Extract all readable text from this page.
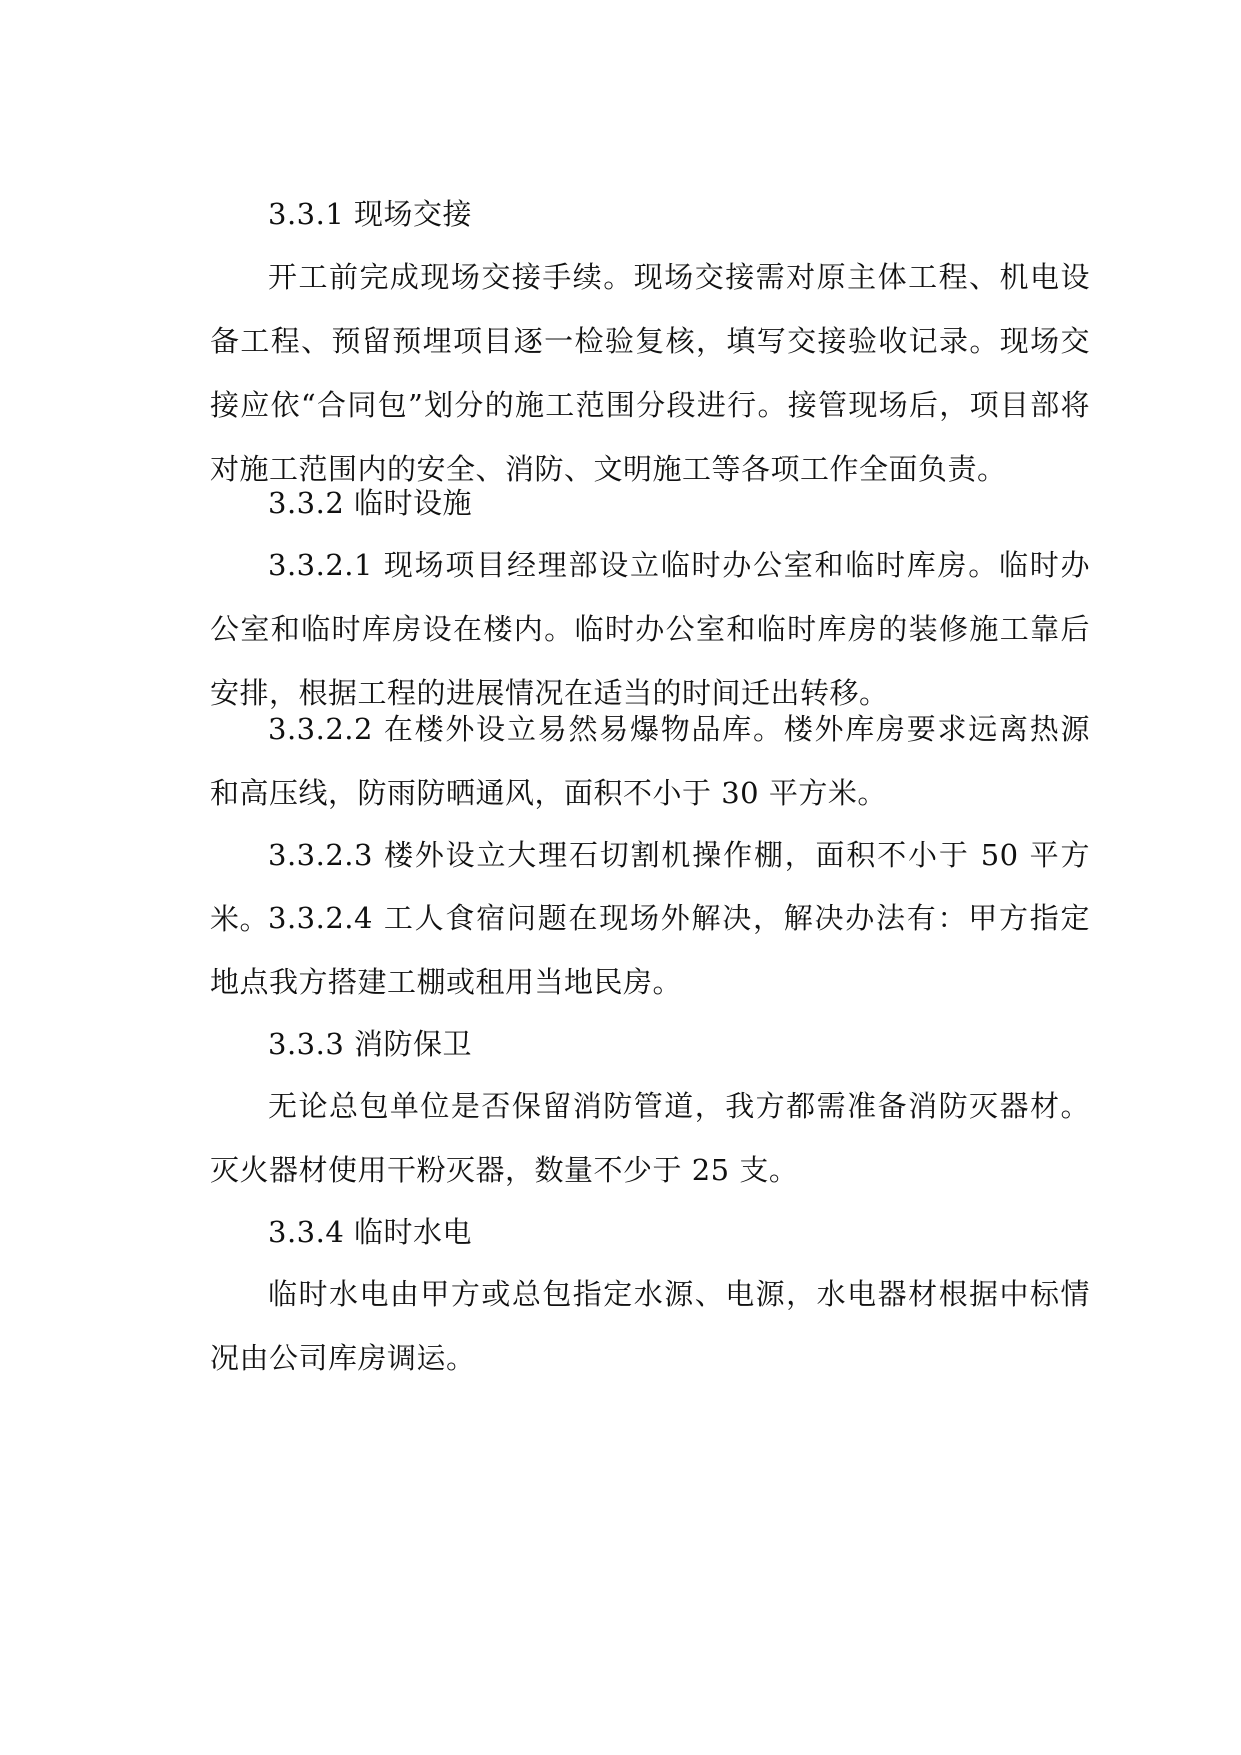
3.3.1 现场交接

开工前完成现场交接手续。现场交接需对原主体工程、机电设备工程、预留预埋项目逐一检验复核，填写交接验收记录。现场交接应依“合同包”划分的施工范围分段进行。接管现场后，项目部将对施工范围内的安全、消防、文明施工等各项工作全面负责。

3.3.2 临时设施

3.3.2.1 现场项目经理部设立临时办公室和临时库房。临时办公室和临时库房设在楼内。临时办公室和临时库房的装修施工靠后安排，根据工程的进展情况在适当的时间迁出转移。

3.3.2.2 在楼外设立易然易爆物品库。楼外库房要求远离热源和高压线，防雨防晒通风，面积不小于 30 平方米。

3.3.2.3 楼外设立大理石切割机操作棚，面积不小于 50 平方米。

3.3.2.4 工人食宿问题在现场外解决，解决办法有：甲方指定地点我方搭建工棚或租用当地民房。

3.3.3 消防保卫

无论总包单位是否保留消防管道，我方都需准备消防灭器材。灭火器材使用干粉灭器，数量不少于 25 支。

3.3.4 临时水电

临时水电由甲方或总包指定水源、电源，水电器材根据中标情况由公司库房调运。
